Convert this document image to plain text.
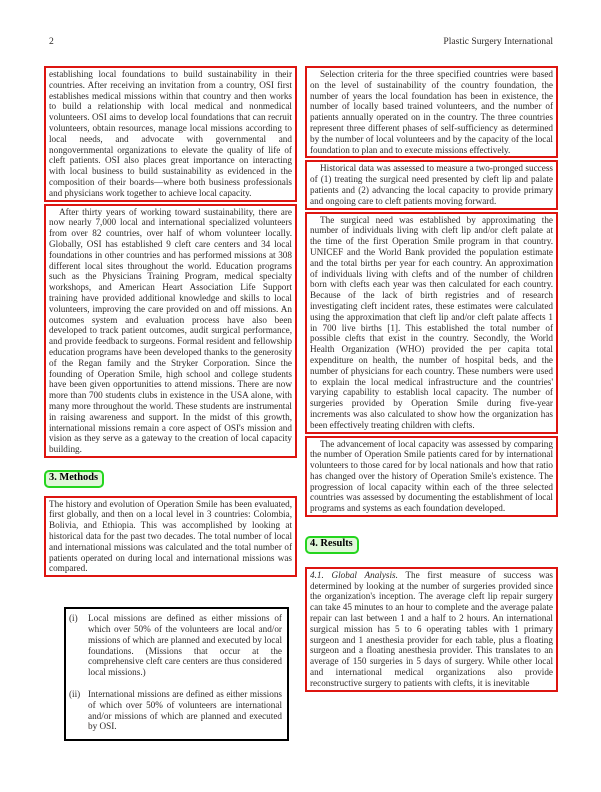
2	Plastic Surgery International

establishing local foundations to build sustainability in their countries. After receiving an invitation from a country, OSI first establishes medical missions within that country and then works to build a relationship with local medical and nonmedical volunteers. OSI aims to develop local foundations that can recruit volunteers, obtain resources, manage local missions according to local needs, and advocate with governmental and nongovernmental organizations to elevate the quality of life of cleft patients. OSI also places great importance on interacting with local business to build sustainability as evidenced in the composition of their boards—where both business professionals and physicians work together to achieve local capacity.

After thirty years of working toward sustainability, there are now nearly 7,000 local and international specialized volunteers from over 82 countries, over half of whom volunteer locally. Globally, OSI has established 9 cleft care centers and 34 local foundations in other countries and has performed missions at 308 different local sites throughout the world. Education programs such as the Physicians Training Program, medical specialty workshops, and American Heart Association Life Support training have provided additional knowledge and skills to local volunteers, improving the care provided on and off missions. An outcomes system and evaluation process have also been developed to track patient outcomes, audit surgical performance, and provide feedback to surgeons. Formal resident and fellowship education programs have been developed thanks to the generosity of the Regan family and the Stryker Corporation. Since the founding of Operation Smile, high school and college students have been given opportunities to attend missions. There are now more than 700 students clubs in existence in the USA alone, with many more throughout the world. These students are instrumental in raising awareness and support. In the midst of this growth, international missions remain a core aspect of OSI's mission and vision as they serve as a gateway to the creation of local capacity building.

3. Methods

The history and evolution of Operation Smile has been evaluated, first globally, and then on a local level in 3 countries: Colombia, Bolivia, and Ethiopia. This was accomplished by looking at historical data for the past two decades. The total number of local and international missions was calculated and the total number of patients operated on during local and international missions was compared.

(i)	Local missions are defined as either missions of which over 50% of the volunteers are local and/or missions of which are planned and executed by local foundations. (Missions that occur at the comprehensive cleft care centers are thus considered local missions.)
(ii) International missions are defined as either missions of which over 50% of volunteers are international and/or missions of which are planned and executed by OSI.

Selection criteria for the three specified countries were based on the level of sustainability of the country foundation, the number of years the local foundation has been in existence, the number of locally based trained volunteers, and the number of patients annually operated on in the country. The three countries represent three different phases of self-sufficiency as determined by the number of local volunteers and by the capacity of the local foundation to plan and to execute missions effectively.

Historical data was assessed to measure a two-pronged success of (1) treating the surgical need presented by cleft lip and palate patients and (2) advancing the local capacity to provide primary and ongoing care to cleft patients moving forward.

The surgical need was established by approximating the number of individuals living with cleft lip and/or cleft palate at the time of the first Operation Smile program in that country. UNICEF and the World Bank provided the population estimate and the total births per year for each country. An approximation of individuals living with clefts and of the number of children born with clefts each year was then calculated for each country. Because of the lack of birth registries and of research investigating cleft incident rates, these estimates were calculated using the approximation that cleft lip and/or cleft palate affects 1 in 700 live births [1]. This established the total number of possible clefts that exist in the country. Secondly, the World Health Organization (WHO) provided the per capita total expenditure on health, the number of hospital beds, and the number of physicians for each country. These numbers were used to explain the local medical infrastructure and the countries' varying capability to establish local capacity. The number of surgeries provided by Operation Smile during five-year increments was also calculated to show how the organization has been effectively treating children with clefts.

The advancement of local capacity was assessed by comparing the number of Operation Smile patients cared for by international volunteers to those cared for by local nationals and how that ratio has changed over the history of Operation Smile's existence. The progression of local capacity within each of the three selected countries was assessed by documenting the establishment of local programs and systems as each foundation developed.

4. Results

4.1. Global Analysis. The first measure of success was determined by looking at the number of surgeries provided since the organization's inception. The average cleft lip repair surgery can take 45 minutes to an hour to complete and the average palate repair can last between 1 and a half to 2 hours. An international surgical mission has 5 to 6 operating tables with 1 primary surgeon and 1 anesthesia provider for each table, plus a floating surgeon and a floating anesthesia provider. This translates to an average of 150 surgeries in 5 days of surgery. While other local and international medical organizations also provide reconstructive surgery to patients with clefts, it is inevitable
